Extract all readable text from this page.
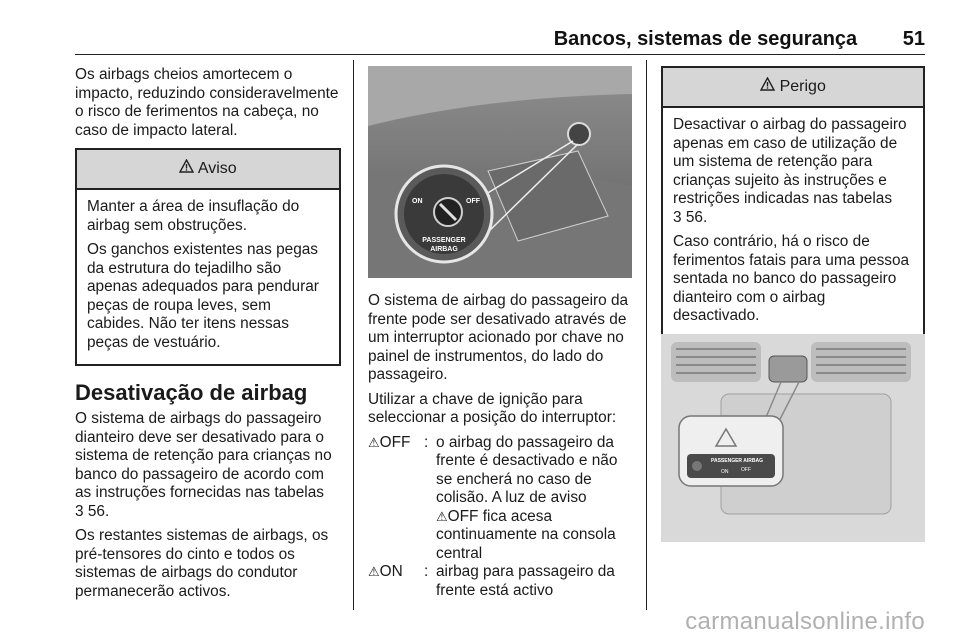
Bancos, sistemas de segurança 51

Os airbags cheios amortecem o impacto, reduzindo consideravelmente o risco de ferimentos na cabeça, no caso de impacto lateral.

Aviso

Manter a área de insuflação do airbag sem obstruções.

Os ganchos existentes nas pegas da estrutura do tejadilho são apenas adequados para pendurar peças de roupa leves, sem cabides. Não ter itens nessas peças de vestuário.

Desativação de airbag

O sistema de airbags do passageiro dianteiro deve ser desativado para o sistema de retenção para crianças no banco do passageiro de acordo com as instruções fornecidas nas tabelas

3 56.

Os restantes sistemas de airbags, os pré-tensores do cinto e todos os sistemas de airbags do condutor permanecerão activos.

ON	OFF
PASSENGER
AIRBAG

O sistema de airbag do passageiro da frente pode ser desativado através de um interruptor acionado por chave no painel de instrumentos, do lado do passageiro.

Utilizar a chave de ignição para seleccionar a posição do interruptor:

⚠OFF : o airbag do passageiro da frente é desactivado e não se encherá no caso de colisão. A luz de aviso
⚠OFF fica acesa continuamente na consola central
⚠ON	: airbag para passageiro da frente está activo
Perigo

Desactivar o airbag do passageiro apenas em caso de utilização de um sistema de retenção para crianças sujeito às instruções e restrições indicadas nas tabelas

3 56.

Caso contrário, há o risco de ferimentos fatais para uma pessoa sentada no banco do passageiro dianteiro com o airbag desactivado.

PASSENGER AIRBAG
ON	OFF
carmanualsonline.info
